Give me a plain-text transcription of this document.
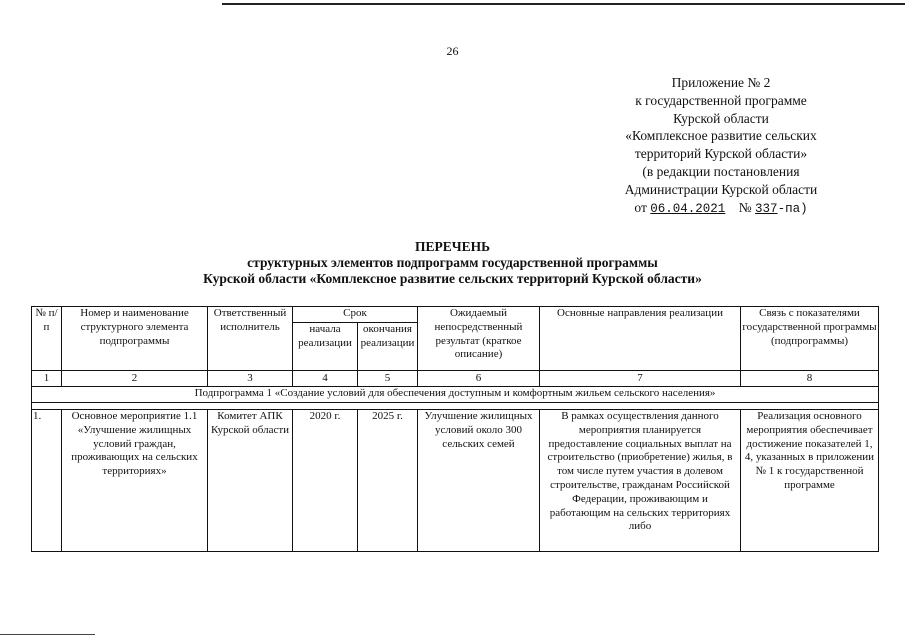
26
Приложение № 2
к государственной программе
Курской области
«Комплексное развитие сельских
территорий Курской области»
(в редакции постановления
Администрации Курской области
от 06.04.2021 № 337-па)
ПЕРЕЧЕНЬ
структурных элементов подпрограмм государственной программы
Курской области «Комплексное развитие сельских территорий Курской области»
№ п/п	Номер и наименование структурного элемента подпрограммы	Ответственный исполнитель	Срок		Ожидаемый непосредственный результат (краткое описание)	Основные направления реализации	Связь с показателями государственной программы (подпрограммы)
			начала реализации	окончания реализации			
1	2	3	4	5	6	7	8
Подпрограмма 1 «Создание условий для обеспечения доступным и комфортным жильем сельского населения»							

1.	Основное мероприятие 1.1 «Улучшение жилищных условий граждан, проживающих на сельских территориях»	Комитет АПК Курской области	2020 г.	2025 г.	Улучшение жилищных условий около 300 сельских семей	В рамках осуществления данного мероприятия планируется предоставление социальных выплат на строительство (приобретение) жилья, в том числе путем участия в долевом строительстве, гражданам Российской Федерации, проживающим и работающим на сельских территориях либо	Реализация основного мероприятия обеспечивает достижение показателей 1, 4, указанных в приложении № 1 к государственной программе
